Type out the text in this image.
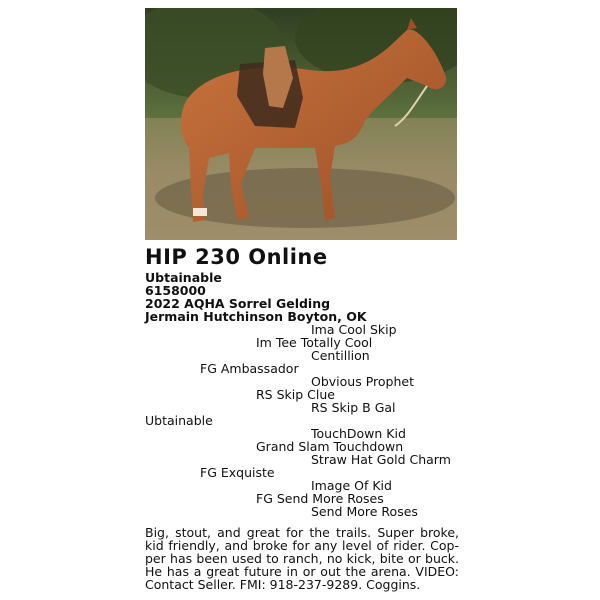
HIP 230 Online
Ubtainable
6158000
2022 AQHA Sorrel Gelding
Jermain Hutchinson Boyton, OK
Ima Cool Skip
Im Tee Totally Cool
Centillion
FG Ambassador
Obvious Prophet
RS Skip Clue
RS Skip B Gal
Ubtainable
TouchDown Kid
Grand Slam Touchdown
Straw Hat Gold Charm
FG Exquiste
Image Of Kid
FG Send More Roses
Send More Roses
Big, stout, and great for the trails. Super broke, kid friendly, and broke for any level of rider. Cop-per has been used to ranch, no kick, bite or buck. He has a great future in or out the arena. VIDEO: Contact Seller. FMI: 918-237-9289. Coggins.
